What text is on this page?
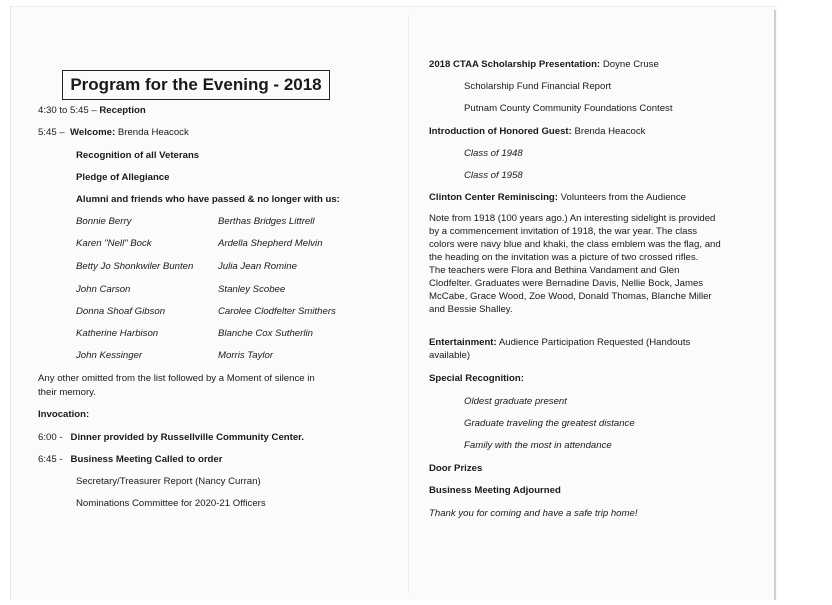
Program for the Evening - 2018
4:30 to 5:45 – Reception
5:45 – Welcome: Brenda Heacock
Recognition of all Veterans
Pledge of Allegiance
Alumni and friends who have passed & no longer with us:
Bonnie Berry
Karen "Nell" Bock
Betty Jo Shonkwiler Bunten
John Carson
Donna Shoaf Gibson
Katherine Harbison
John Kessinger
Berthas Bridges Littrell
Ardella Shepherd Melvin
Julia Jean Romine
Stanley Scobee
Carolee Clodfelter Smithers
Blanche Cox Sutherlin
Morris Taylor
Any other omitted from the list followed by a Moment of silence in
their memory.
Invocation:
6:00 - Dinner provided by Russellville Community Center.
6:45 - Business Meeting Called to order
Secretary/Treasurer Report (Nancy Curran)
Nominations Committee for 2020-21 Officers
2018 CTAA Scholarship Presentation: Doyne Cruse
Scholarship Fund Financial Report
Putnam County Community Foundations Contest
Introduction of Honored Guest: Brenda Heacock
Class of 1948
Class of 1958
Clinton Center Reminiscing: Volunteers from the Audience
Note from 1918 (100 years ago.) An interesting sidelight is provided
by a commencement invitation of 1918, the war year. The class
colors were navy blue and khaki, the class emblem was the flag, and
the heading on the invitation was a picture of two crossed rifles.
The teachers were Flora and Bethina Vandament and Glen
Clodfelter. Graduates were Bernadine Davis, Nellie Bock, James
McCabe, Grace Wood, Zoe Wood, Donald Thomas, Blanche Miller
and Bessie Shalley.
Entertainment: Audience Participation Requested (Handouts
available)
Special Recognition:
Oldest graduate present
Graduate traveling the greatest distance
Family with the most in attendance
Door Prizes
Business Meeting Adjourned
Thank you for coming and have a safe trip home!
